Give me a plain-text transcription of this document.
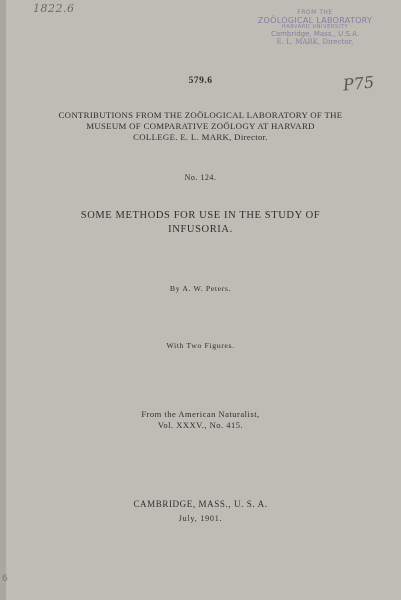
1822.6
6
FROM THE
ZOÖLOGICAL LABORATORY
HARVARD UNIVERSITY
Cambridge, Mass., U.S.A.
E. L. MARK, Director.
P75
579.6
CONTRIBUTIONS FROM THE ZOÖLOGICAL LABORATORY OF THE
MUSEUM OF COMPARATIVE ZOÖLOGY AT HARVARD
COLLEGE. E. L. MARK, Director.
No. 124.
SOME METHODS FOR USE IN THE STUDY OF
INFUSORIA.
By A. W. Peters.
With Two Figures.
From the American Naturalist,
Vol. XXXV., No. 415.
CAMBRIDGE, MASS., U. S. A.
July, 1901.
